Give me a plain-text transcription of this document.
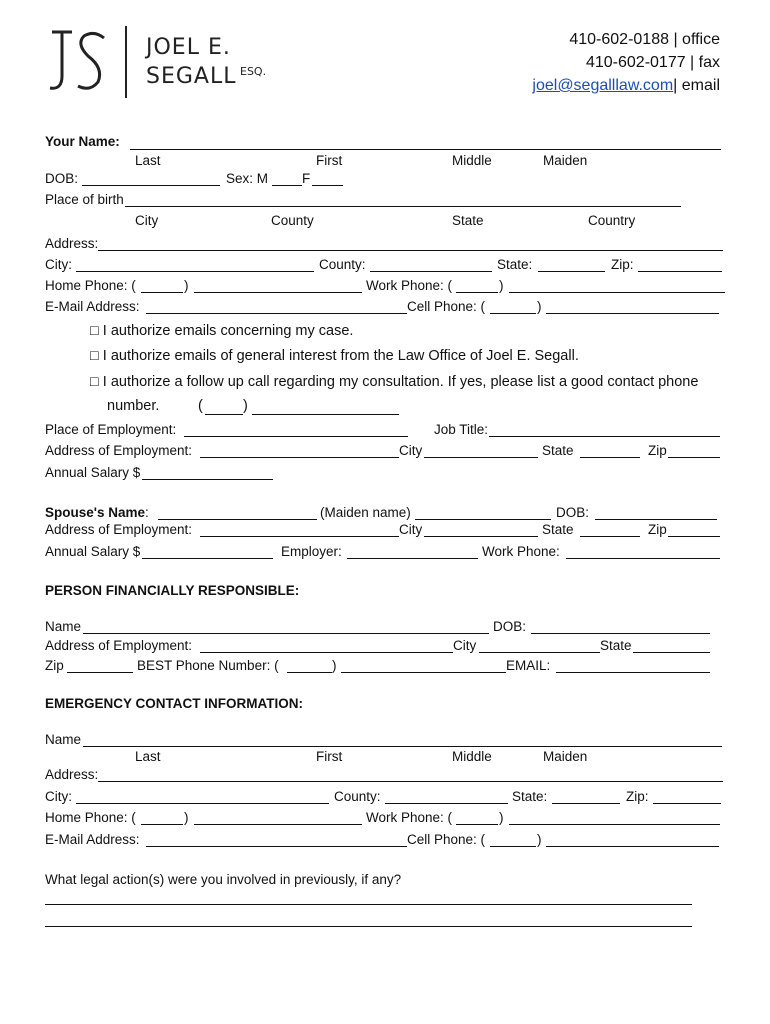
JOEL E.
SEGALL ESQ.
410-602-0188 | office
410-602-0177 | fax
joel@segalllaw.com| email
Your Name:
Last	First	Middle	Maiden
DOB:	Sex: M	F
Place of birth
City	County	State	Country
Address:
City:	County:	State:	Zip:
Home Phone: (	)	Work Phone: (	)
E-Mail Address:	Cell Phone: (	)
□ I authorize emails concerning my case.
□ I authorize emails of general interest from the Law Office of Joel E. Segall.
□ I authorize a follow up call regarding my consultation. If yes, please list a good contact phone
number.	(	)
Place of Employment:	Job Title:
Address of Employment:	City	State	Zip
Annual Salary $
Spouse's Name:	(Maiden name)	DOB:
Address of Employment:	City	State	Zip
Annual Salary $	Employer:	Work Phone:
PERSON FINANCIALLY RESPONSIBLE:
Name	DOB:
Address of Employment:	City	State
Zip	BEST Phone Number: (	)	EMAIL:
EMERGENCY CONTACT INFORMATION:
Name
Last	First	Middle	Maiden
Address:
City:	County:	State:	Zip:
Home Phone: (	)	Work Phone: (	)
E-Mail Address:	Cell Phone: (	)
What legal action(s) were you involved in previously, if any?
